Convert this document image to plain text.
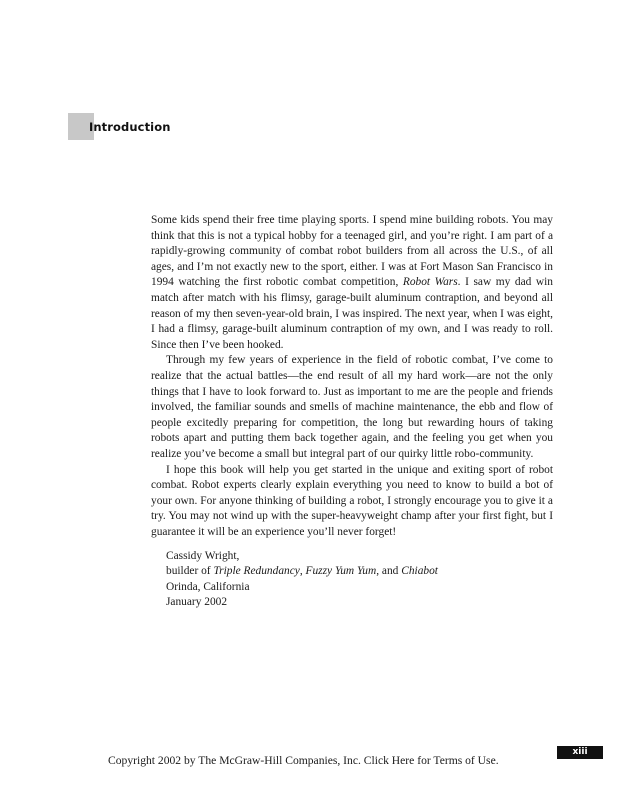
Introduction

Some kids spend their free time playing sports. I spend mine building robots. You may think that this is not a typical hobby for a teenaged girl, and you’re right. I am part of a rapidly-growing community of combat robot builders from all across the U.S., of all ages, and I’m not exactly new to the sport, either. I was at Fort Mason San Francisco in 1994 watching the first robotic combat competition, Robot Wars. I saw my dad win match after match with his flimsy, garage-built aluminum contraption, and beyond all reason of my then seven-year-old brain, I was inspired. The next year, when I was eight, I had a flimsy, garage-built aluminum contraption of my own, and I was ready to roll. Since then I’ve been hooked.

Through my few years of experience in the field of robotic combat, I’ve come to realize that the actual battles—the end result of all my hard work—are not the only things that I have to look forward to. Just as important to me are the people and friends involved, the familiar sounds and smells of machine maintenance, the ebb and flow of people excitedly preparing for competition, the long but rewarding hours of taking robots apart and putting them back together again, and the feeling you get when you realize you’ve become a small but integral part of our quirky little robo-community.

I hope this book will help you get started in the unique and exiting sport of robot combat. Robot experts clearly explain everything you need to know to build a bot of your own. For anyone thinking of building a robot, I strongly encourage you to give it a try. You may not wind up with the super-heavyweight champ after your first fight, but I guarantee it will be an experience you’ll never forget!

Cassidy Wright,
builder of Triple Redundancy, Fuzzy Yum Yum, and Chiabot
Orinda, California
January 2002
xiii
Copyright 2002 by The McGraw-Hill Companies, Inc. Click Here for Terms of Use.
